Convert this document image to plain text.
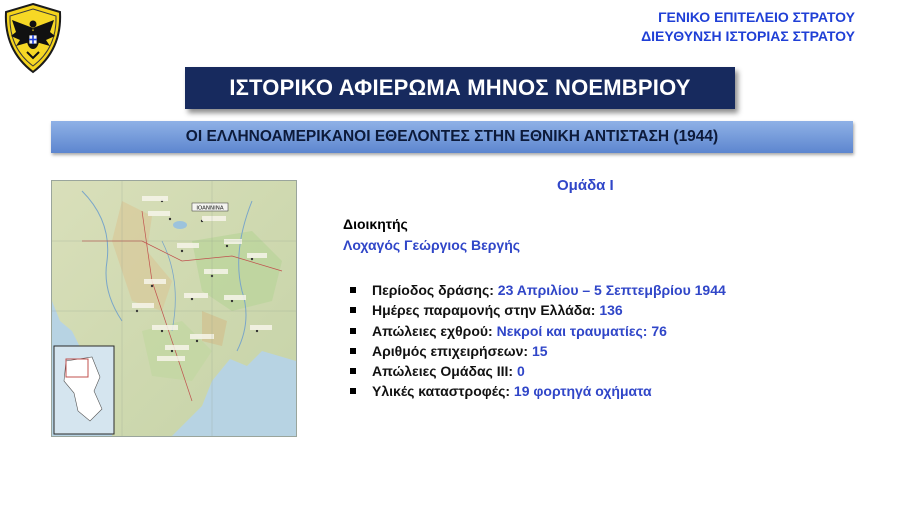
ΓΕΝΙΚΟ ΕΠΙΤΕΛΕΙΟ ΣΤΡΑΤΟΥ
ΔΙΕΥΘΥΝΣΗ ΙΣΤΟΡΙΑΣ ΣΤΡΑΤΟΥ
ΙΣΤΟΡΙΚΟ ΑΦΙΕΡΩΜΑ ΜΗΝΟΣ ΝΟΕΜΒΡΙΟΥ
ΟΙ ΕΛΛΗΝΟΑΜΕΡΙΚΑΝΟΙ ΕΘΕΛΟΝΤΕΣ ΣΤΗΝ ΕΘΝΙΚΗ ΑΝΤΙΣΤΑΣΗ (1944)
IOANNINA
Ομάδα Ι
Διοικητής
Λοχαγός Γεώργιος Βεργής
Περίοδος δράσης: 23 Απριλίου – 5 Σεπτεμβρίου 1944
Ημέρες παραμονής στην Ελλάδα: 136
Απώλειες εχθρού: Νεκροί και τραυματίες: 76
Αριθμός επιχειρήσεων: 15
Απώλειες Ομάδας ΙΙΙ: 0
Υλικές καταστροφές: 19 φορτηγά οχήματα
